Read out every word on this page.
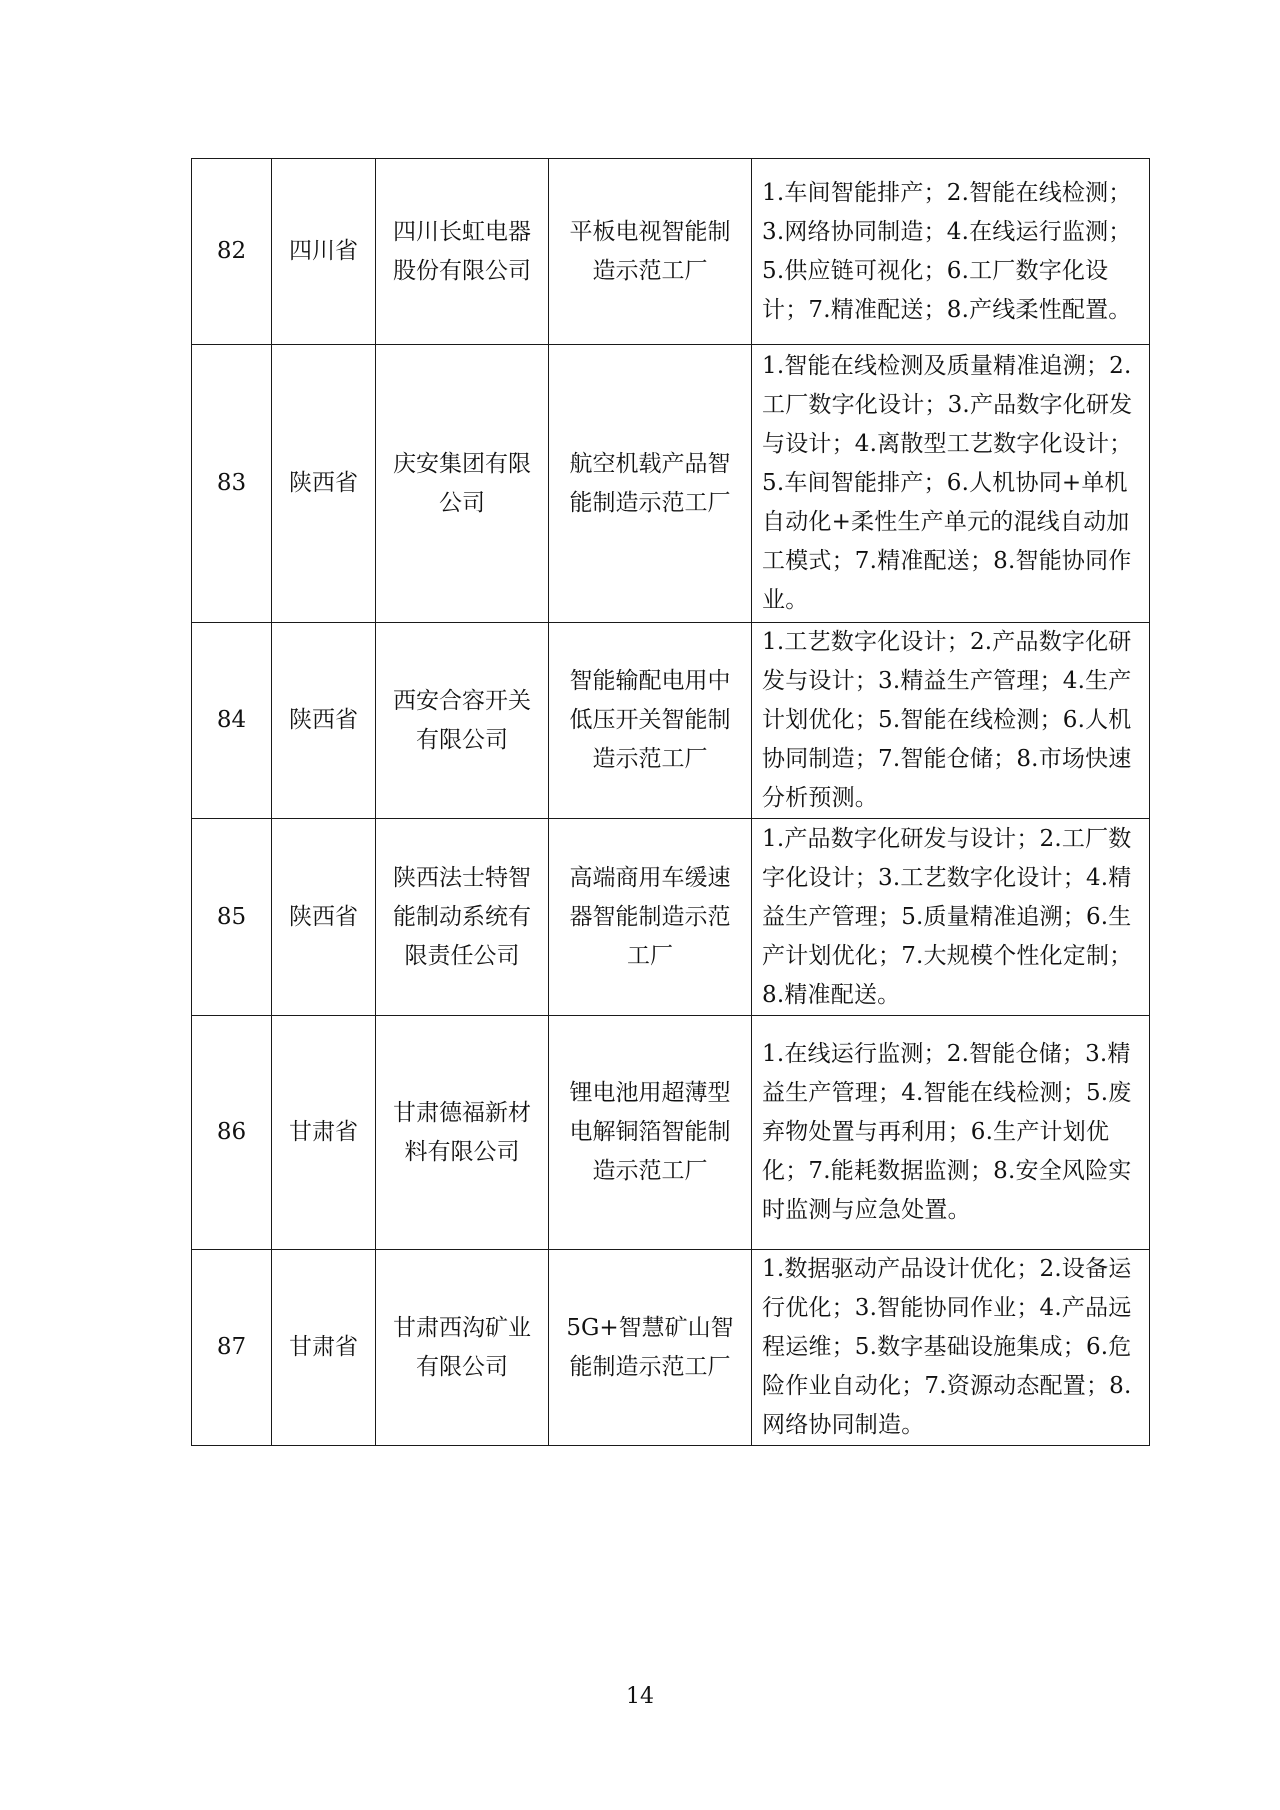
82	四川省	四川长虹电器股份有限公司	平板电视智能制造示范工厂	1.车间智能排产；2.智能在线检测；3.网络协同制造；4.在线运行监测；5.供应链可视化；6.工厂数字化设计；7.精准配送；8.产线柔性配置。
83	陕西省	庆安集团有限公司	航空机载产品智能制造示范工厂	1.智能在线检测及质量精准追溯；2.工厂数字化设计；3.产品数字化研发与设计；4.离散型工艺数字化设计；5.车间智能排产；6.人机协同+单机自动化+柔性生产单元的混线自动加工模式；7.精准配送；8.智能协同作业。
84	陕西省	西安合容开关有限公司	智能输配电用中低压开关智能制造示范工厂	1.工艺数字化设计；2.产品数字化研发与设计；3.精益生产管理；4.生产计划优化；5.智能在线检测；6.人机协同制造；7.智能仓储；8.市场快速分析预测。
85	陕西省	陕西法士特智能制动系统有限责任公司	高端商用车缓速器智能制造示范工厂	1.产品数字化研发与设计；2.工厂数字化设计；3.工艺数字化设计；4.精益生产管理；5.质量精准追溯；6.生产计划优化；7.大规模个性化定制；8.精准配送。
86	甘肃省	甘肃德福新材料有限公司	锂电池用超薄型电解铜箔智能制造示范工厂	1.在线运行监测；2.智能仓储；3.精益生产管理；4.智能在线检测；5.废弃物处置与再利用；6.生产计划优化；7.能耗数据监测；8.安全风险实时监测与应急处置。
87	甘肃省	甘肃西沟矿业有限公司	5G+智慧矿山智能制造示范工厂	1.数据驱动产品设计优化；2.设备运行优化；3.智能协同作业；4.产品远程运维；5.数字基础设施集成；6.危险作业自动化；7.资源动态配置；8.网络协同制造。
14
